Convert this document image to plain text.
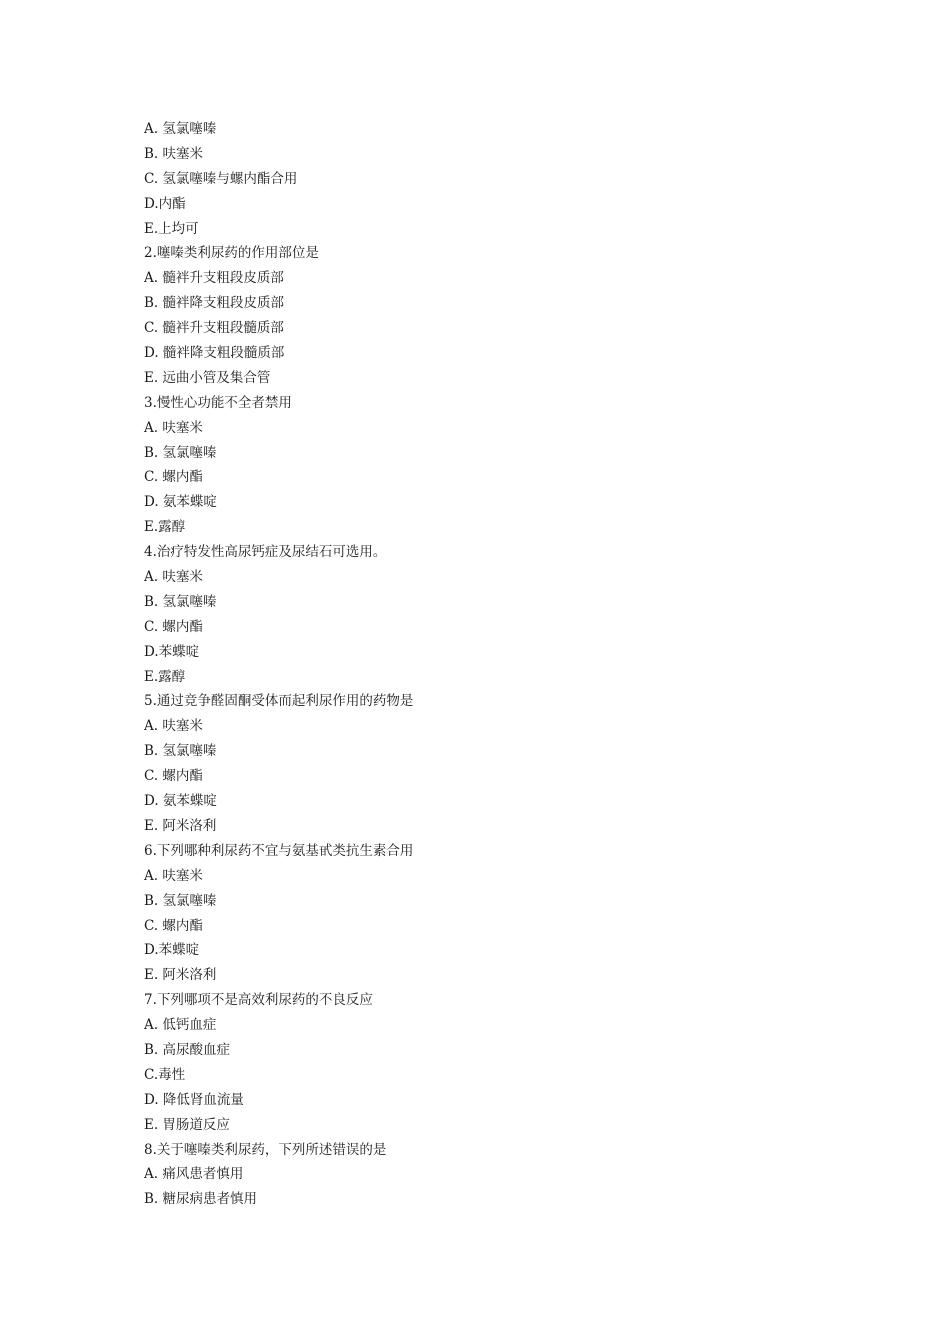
A. 氢氯噻嗪
B. 呋塞米
C. 氢氯噻嗪与螺内酯合用
D.内酯
E.上均可
2.噻嗪类利尿药的作用部位是
A. 髓袢升支粗段皮质部
B. 髓袢降支粗段皮质部
C. 髓袢升支粗段髓质部
D. 髓袢降支粗段髓质部
E. 远曲小管及集合管
3.慢性心功能不全者禁用
A. 呋塞米
B. 氢氯噻嗪
C. 螺内酯
D. 氨苯蝶啶
E.露醇
4.治疗特发性高尿钙症及尿结石可选用。
A. 呋塞米
B. 氢氯噻嗪
C. 螺内酯
D.苯蝶啶
E.露醇
5.通过竞争醛固酮受体而起利尿作用的药物是
A. 呋塞米
B. 氢氯噻嗪
C. 螺内酯
D. 氨苯蝶啶
E. 阿米洛利
6.下列哪种利尿药不宜与氨基甙类抗生素合用
A. 呋塞米
B. 氢氯噻嗪
C. 螺内酯
D.苯蝶啶
E. 阿米洛利
7.下列哪项不是高效利尿药的不良反应
A. 低钙血症
B. 高尿酸血症
C.毒性
D. 降低肾血流量
E. 胃肠道反应
8.关于噻嗪类利尿药，下列所述错误的是
A. 痛风患者慎用
B. 糖尿病患者慎用
